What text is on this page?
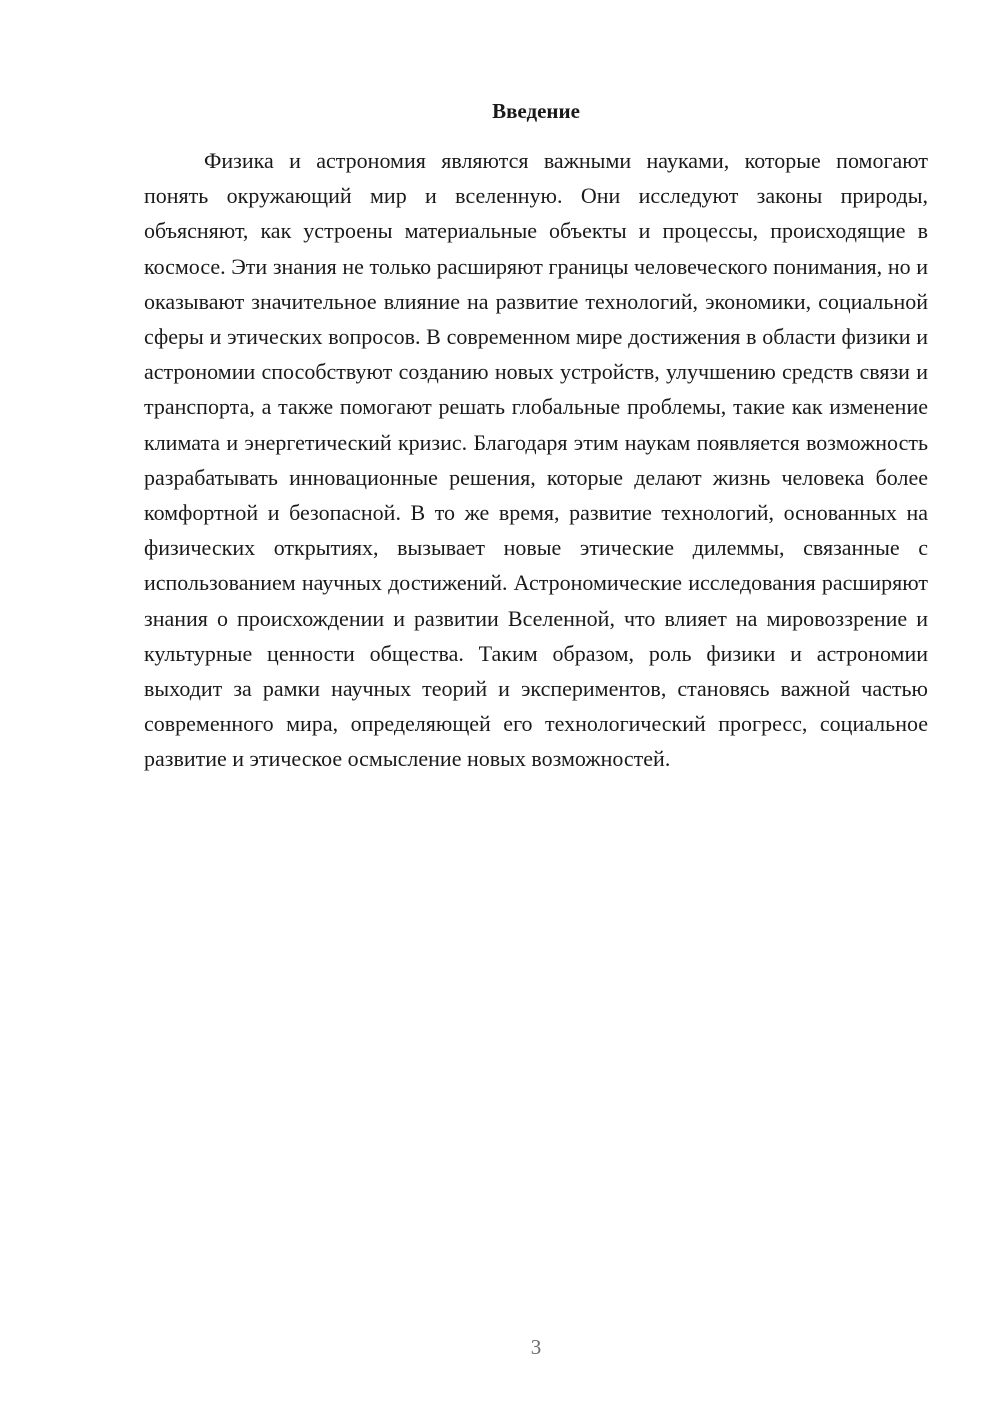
Введение

Физика и астрономия являются важными науками, которые помогают понять окружающий мир и вселенную. Они исследуют законы природы, объясняют, как устроены материальные объекты и процессы, происходящие в космосе. Эти знания не только расширяют границы человеческого понимания, но и оказывают значительное влияние на развитие технологий, экономики, социальной сферы и этических вопросов. В современном мире достижения в области физики и астрономии способствуют созданию новых устройств, улучшению средств связи и транспорта, а также помогают решать глобальные проблемы, такие как изменение климата и энергетический кризис. Благодаря этим наукам появляется возможность разрабатывать инновационные решения, которые делают жизнь человека более комфортной и безопасной. В то же время, развитие технологий, основанных на физических открытиях, вызывает новые этические дилеммы, связанные с использованием научных достижений. Астрономические исследования расширяют знания о происхождении и развитии Вселенной, что влияет на мировоззрение и культурные ценности общества. Таким образом, роль физики и астрономии выходит за рамки научных теорий и экспериментов, становясь важной частью современного мира, определяющей его технологический прогресс, социальное развитие и этическое осмысление новых возможностей.

3
